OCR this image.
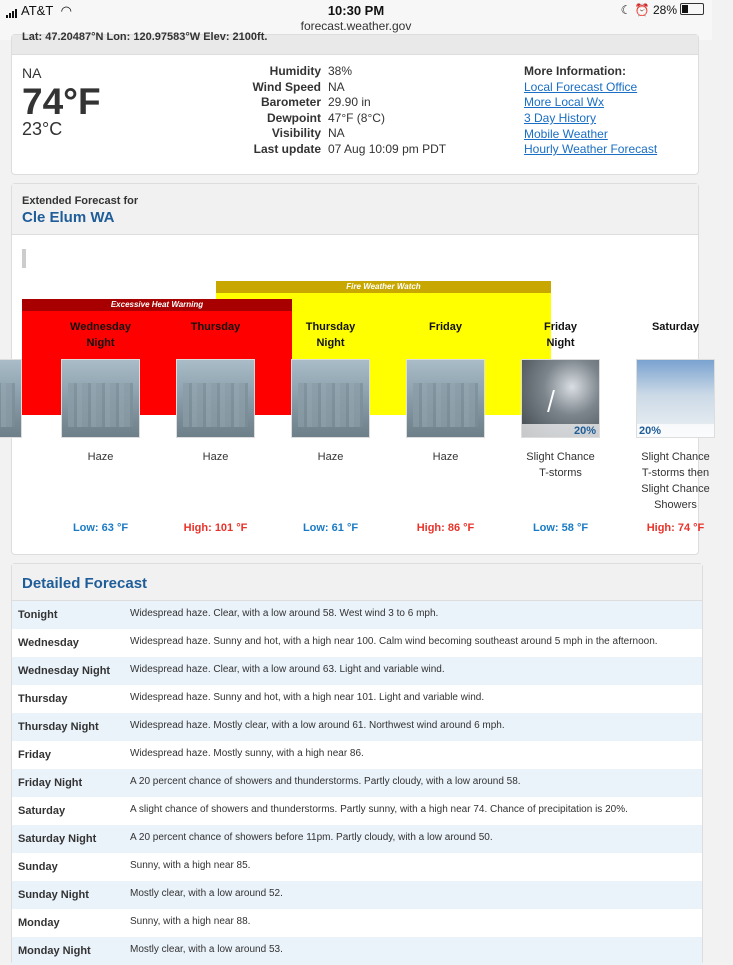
AT&T ◠	10:30 PM
forecast.weather.gov
☾ ⏰ 28%
Lat: 47.20487°N Lon: 120.97583°W Elev: 2100ft.
NA
74°F
23°C
Humidity 38%
Wind Speed NA
Barometer 29.90 in
Dewpoint 47°F (8°C)
Visibility NA
Last update 07 Aug 10:09 pm PDT
More Information:
Local Forecast Office
More Local Wx
3 Day History
Mobile Weather
Hourly Weather Forecast
Extended Forecast for
Cle Elum WA
Fire Weather Watch
Excessive Heat Warning
Wednesday
Night
Haze
Low: 63 °F
Thursday
Haze
High: 101 °F
Thursday
Night
Haze
Low: 61 °F
Friday
Haze
High: 86 °F
Friday
Night
20%
Slight Chance
T-storms
Low: 58 °F
Saturday
20%
Slight Chance
T-storms then
Slight Chance
Showers
High: 74 °F
Detailed Forecast
Tonight	Widespread haze. Clear, with a low around 58. West wind 3 to 6 mph.
Wednesday	Widespread haze. Sunny and hot, with a high near 100. Calm wind becoming southeast around 5 mph in the afternoon.
Wednesday Night Widespread haze. Clear, with a low around 63. Light and variable wind.
Thursday	Widespread haze. Sunny and hot, with a high near 101. Light and variable wind.
Thursday Night	Widespread haze. Mostly clear, with a low around 61. Northwest wind around 6 mph.
Friday	Widespread haze. Mostly sunny, with a high near 86.
Friday Night	A 20 percent chance of showers and thunderstorms. Partly cloudy, with a low around 58.
Saturday	A slight chance of showers and thunderstorms. Partly sunny, with a high near 74. Chance of precipitation is 20%.
Saturday Night	A 20 percent chance of showers before 11pm. Partly cloudy, with a low around 50.
Sunday	Sunny, with a high near 85.
Sunday Night	Mostly clear, with a low around 52.
Monday	Sunny, with a high near 88.
Monday Night	Mostly clear, with a low around 53.
